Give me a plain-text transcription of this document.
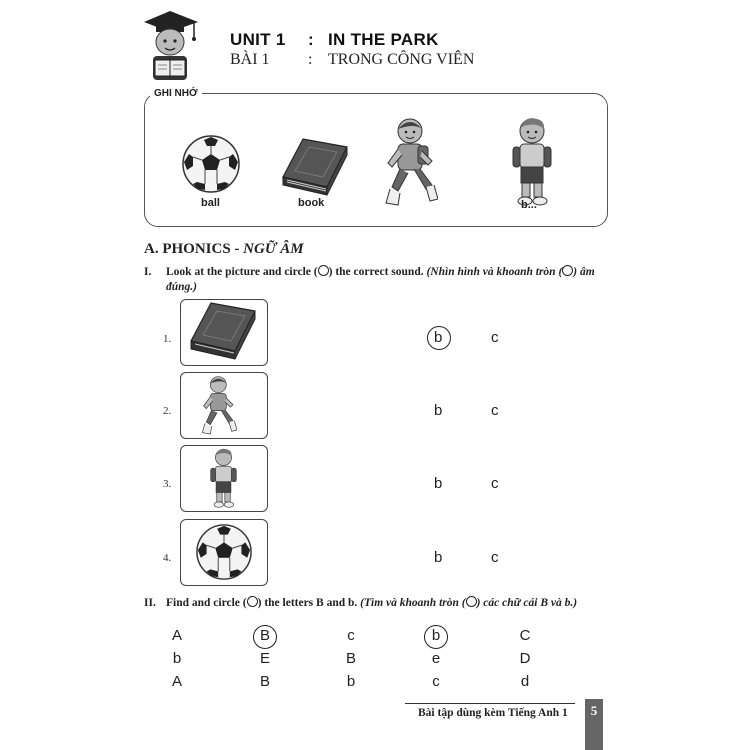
UNIT 1 : IN THE PARK
BÀI 1 : TRONG CÔNG VIÊN
GHI NHỚ
ball	book	b...
A. PHONICS - NGỮ ÂM
I. Look at the picture and circle ( ) the correct sound. (Nhìn hình và khoanh tròn ( ) âm đúng.)
1.	b	c
2.	b	c
3.	b	c
4.	b	c
II. Find and circle ( ) the letters B and b. (Tìm và khoanh tròn ( ) các chữ cái B và b.)
A	B	c	b	C
b	E	B	e	D
A	B	b	c	d
Bài tập dùng kèm Tiếng Anh 1	5
